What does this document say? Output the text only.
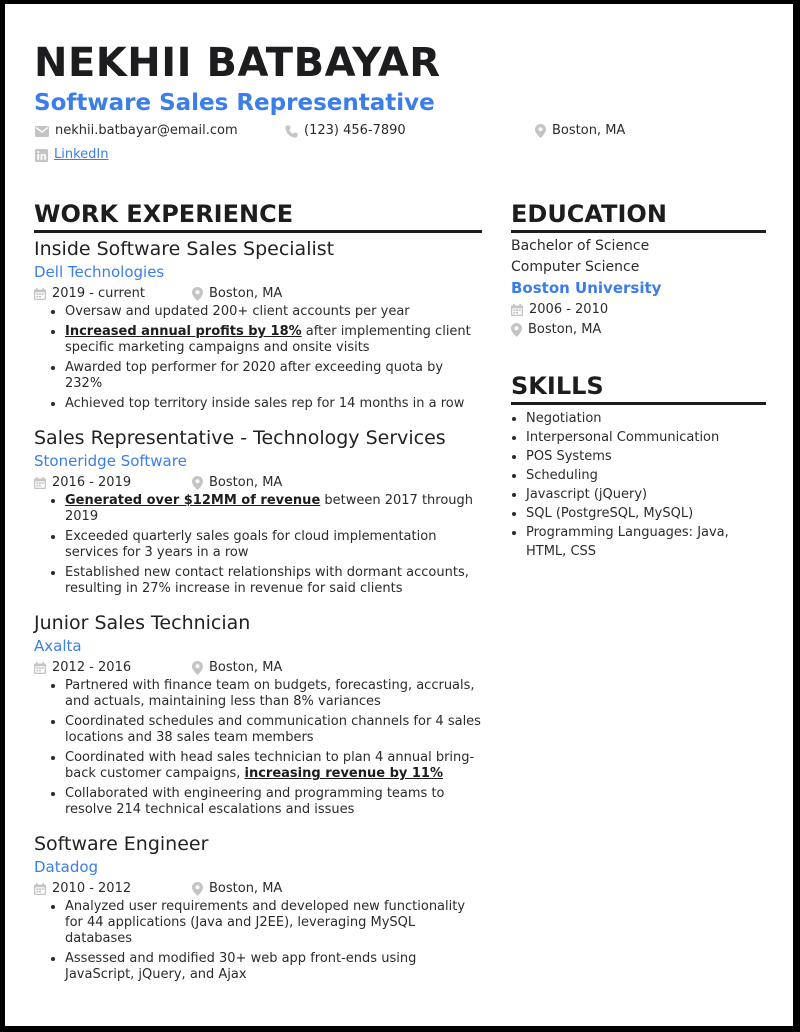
NEKHII BATBAYAR
Software Sales Representative
nekhii.batbayar@email.com	(123) 456-7890	Boston, MA
LinkedIn
WORK EXPERIENCE
Inside Software Sales Specialist
Dell Technologies
2019 - current	Boston, MA
• Oversaw and updated 200+ client accounts per year
• Increased annual profits by 18% after implementing client specific marketing campaigns and onsite visits
• Awarded top performer for 2020 after exceeding quota by 232%
• Achieved top territory inside sales rep for 14 months in a row
Sales Representative - Technology Services
Stoneridge Software
2016 - 2019	Boston, MA
• Generated over $12MM of revenue between 2017 through 2019
• Exceeded quarterly sales goals for cloud implementation services for 3 years in a row
• Established new contact relationships with dormant accounts, resulting in 27% increase in revenue for said clients
Junior Sales Technician
Axalta
2012 - 2016	Boston, MA
• Partnered with finance team on budgets, forecasting, accruals, and actuals, maintaining less than 8% variances
• Coordinated schedules and communication channels for 4 sales locations and 38 sales team members
• Coordinated with head sales technician to plan 4 annual bring-back customer campaigns, increasing revenue by 11%
• Collaborated with engineering and programming teams to resolve 214 technical escalations and issues
Software Engineer
Datadog
2010 - 2012	Boston, MA
• Analyzed user requirements and developed new functionality for 44 applications (Java and J2EE), leveraging MySQL databases
• Assessed and modified 30+ web app front-ends using JavaScript, jQuery, and Ajax
EDUCATION
Bachelor of Science
Computer Science
Boston University
2006 - 2010
Boston, MA
SKILLS
• Negotiation
• Interpersonal Communication
• POS Systems
• Scheduling
• Javascript (jQuery)
• SQL (PostgreSQL, MySQL)
• Programming Languages: Java, HTML, CSS
